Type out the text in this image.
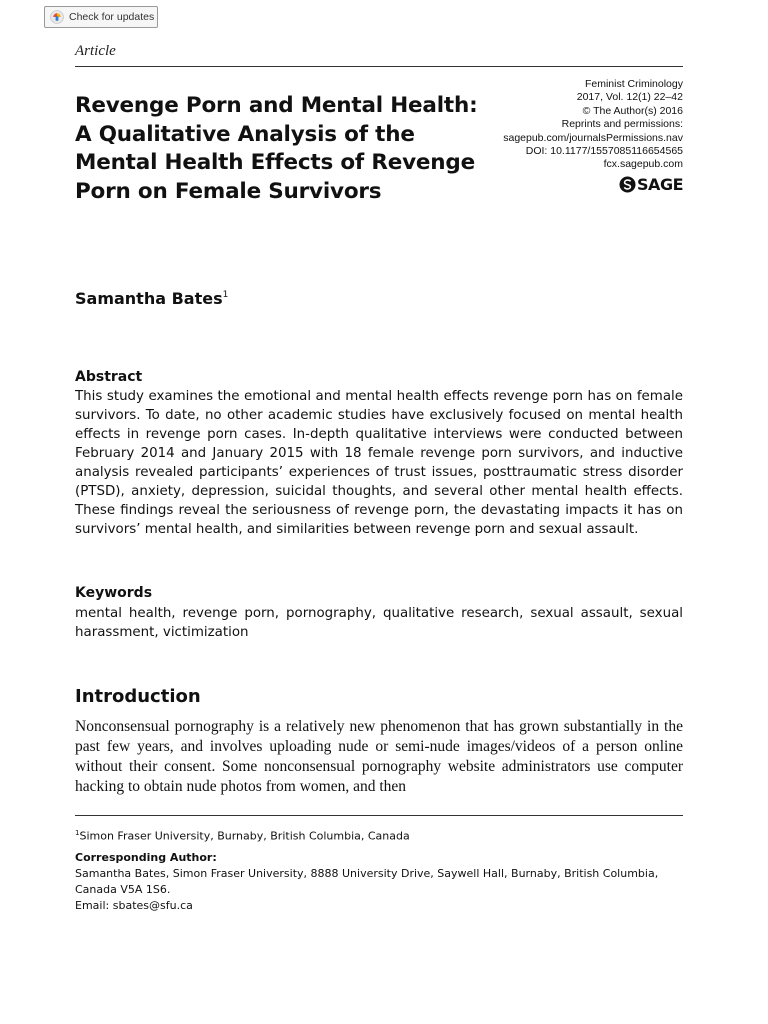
Check for updates
Article
Revenge Porn and Mental Health: A Qualitative Analysis of the Mental Health Effects of Revenge Porn on Female Survivors
Feminist Criminology
2017, Vol. 12(1) 22–42
© The Author(s) 2016
Reprints and permissions:
sagepub.com/journalsPermissions.nav
DOI: 10.1177/1557085116654565
fcx.sagepub.com
SAGE
Samantha Bates$^1$
Abstract

This study examines the emotional and mental health effects revenge porn has on female survivors. To date, no other academic studies have exclusively focused on mental health effects in revenge porn cases. In-depth qualitative interviews were conducted between February 2014 and January 2015 with 18 female revenge porn survivors, and inductive analysis revealed participants’ experiences of trust issues, posttraumatic stress disorder (PTSD), anxiety, depression, suicidal thoughts, and several other mental health effects. These findings reveal the seriousness of revenge porn, the devastating impacts it has on survivors’ mental health, and similarities between revenge porn and sexual assault.

Keywords

mental health, revenge porn, pornography, qualitative research, sexual assault, sexual harassment, victimization

Introduction

Nonconsensual pornography is a relatively new phenomenon that has grown substantially in the past few years, and involves uploading nude or semi-nude images/videos of a person online without their consent. Some nonconsensual pornography website administrators use computer hacking to obtain nude photos from women, and then

$^1$Simon Fraser University, Burnaby, British Columbia, Canada

Corresponding Author:
Samantha Bates, Simon Fraser University, 8888 University Drive, Saywell Hall, Burnaby, British Columbia, Canada V5A 1S6.
Email: sbates@sfu.ca
